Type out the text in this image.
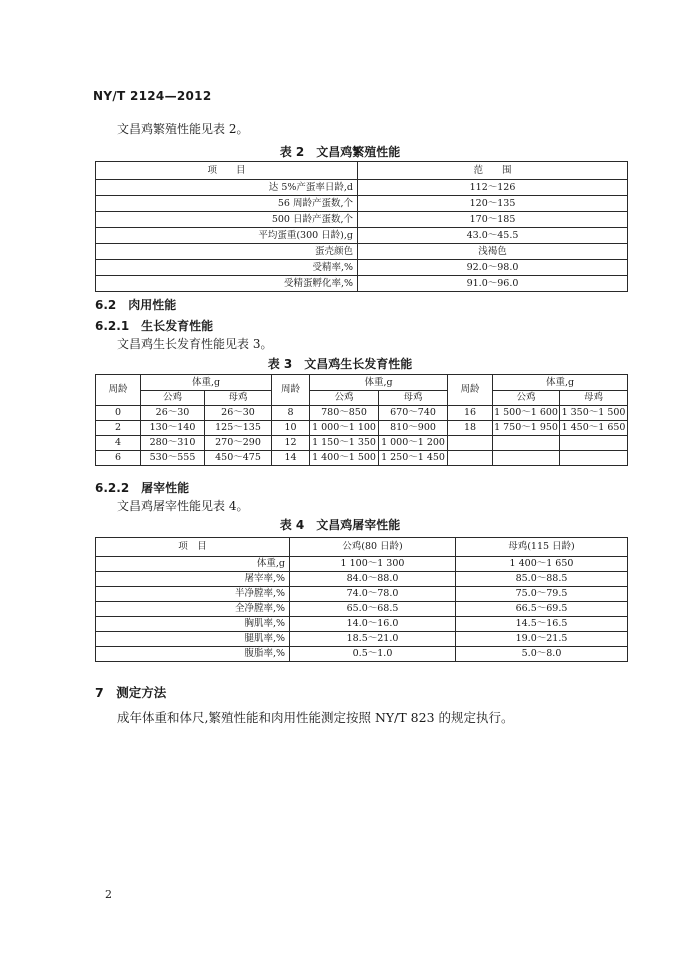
NY/T 2124—2012
文昌鸡繁殖性能见表 2。
表 2　文昌鸡繁殖性能
项　　目	范　　围
达 5%产蛋率日龄,d	112～126
56 周龄产蛋数,个	120～135
500 日龄产蛋数,个	170～185
平均蛋重(300 日龄),g	43.0～45.5
蛋壳颜色	浅褐色
受精率,%	92.0～98.0
受精蛋孵化率,%	91.0～96.0
6.2　肉用性能
6.2.1　生长发育性能
文昌鸡生长发育性能见表 3。
表 3　文昌鸡生长发育性能
周龄	体重,g		周龄	体重,g		周龄	体重,g	
	公鸡	母鸡		公鸡	母鸡		公鸡	母鸡
0	26～30	26～30	8	780～850	670～740	16	1 500～1 600	1 350～1 500
2	130～140	125～135	10	1 000～1 100	810～900	18	1 750～1 950	1 450～1 650
4	280～310	270～290	12	1 150～1 350	1 000～1 200			
6	530～555	450～475	14	1 400～1 500	1 250～1 450			
6.2.2　屠宰性能
文昌鸡屠宰性能见表 4。
表 4　文昌鸡屠宰性能
项　目	公鸡(80 日龄)	母鸡(115 日龄)
体重,g	1 100～1 300	1 400～1 650
屠宰率,%	84.0～88.0	85.0～88.5
半净膛率,%	74.0～78.0	75.0～79.5
全净膛率,%	65.0～68.5	66.5～69.5
胸肌率,%	14.0～16.0	14.5～16.5
腿肌率,%	18.5～21.0	19.0～21.5
腹脂率,%	0.5～1.0	5.0～8.0
7　测定方法
成年体重和体尺,繁殖性能和肉用性能测定按照 NY/T 823 的规定执行。
2
